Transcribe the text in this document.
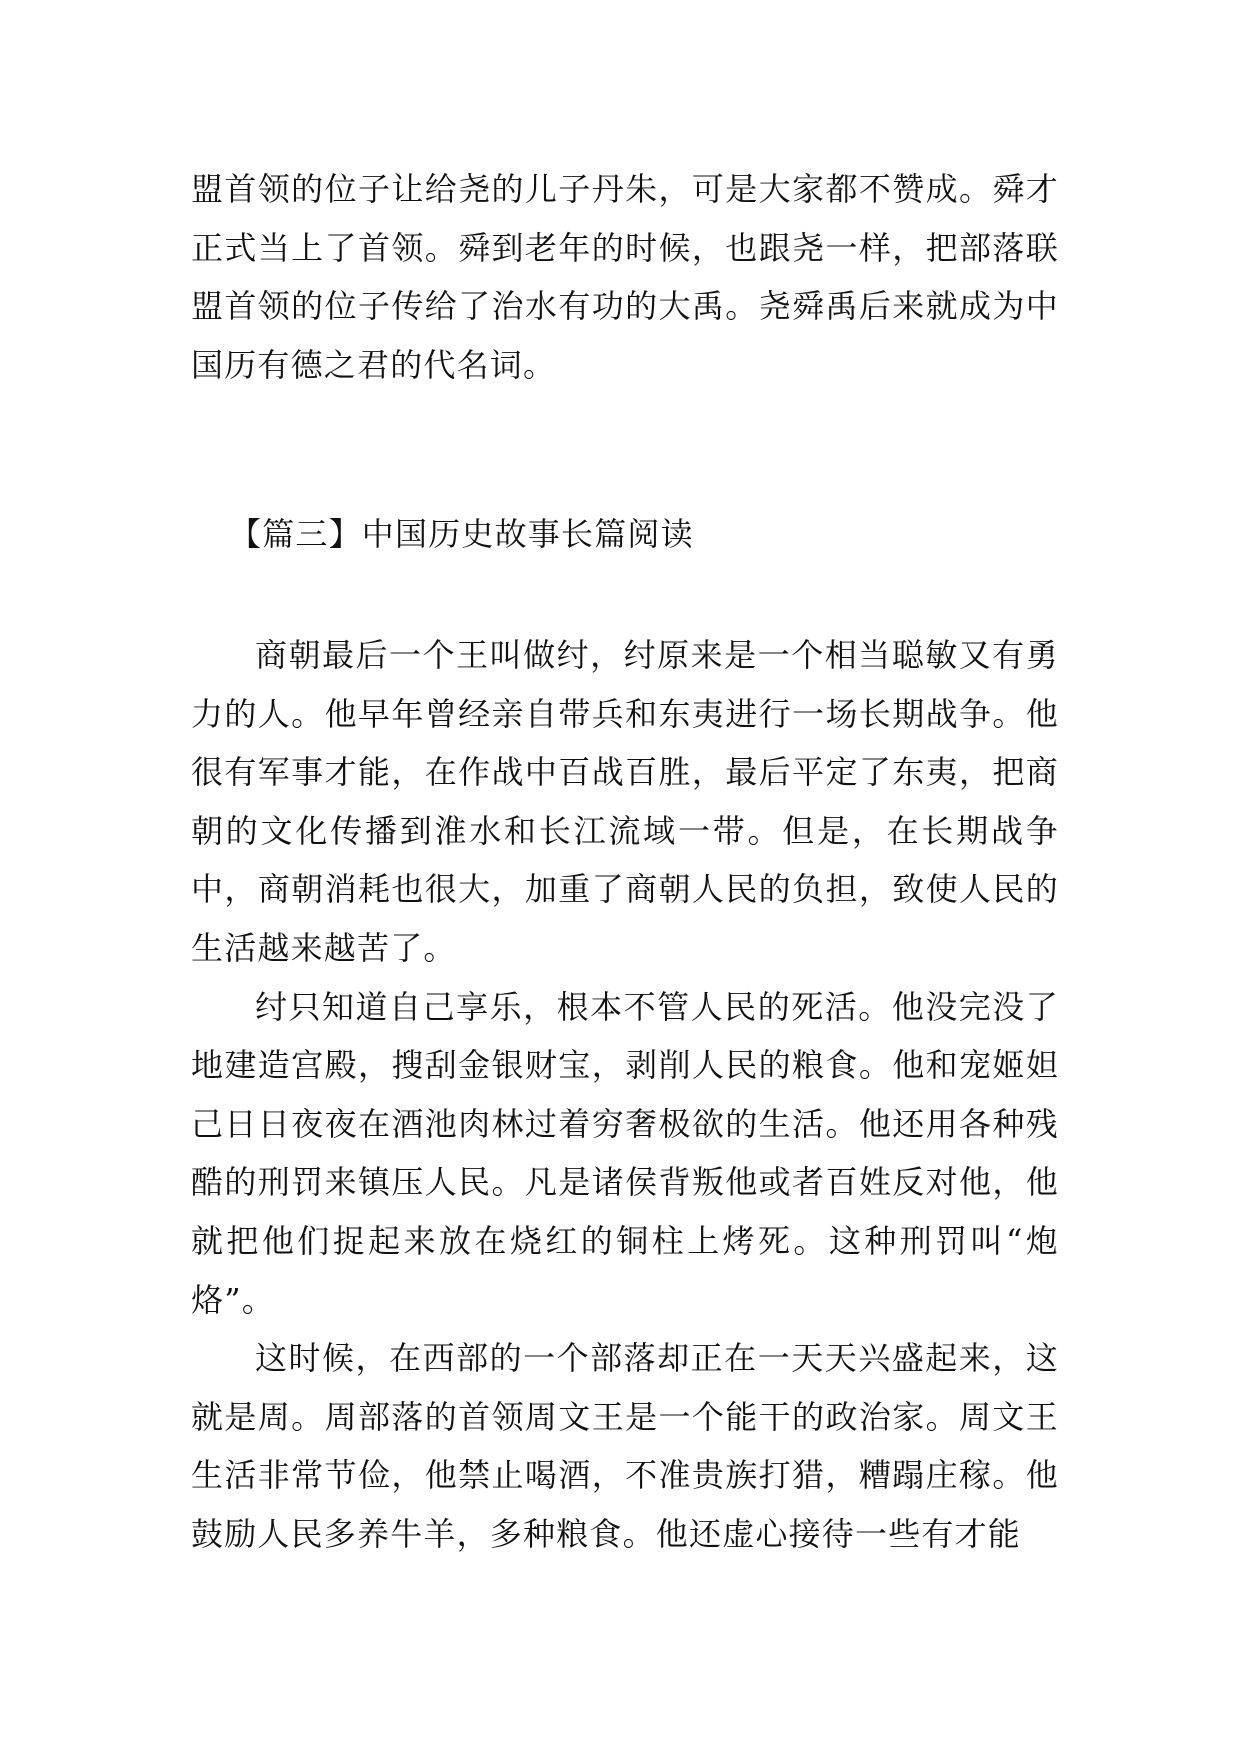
盟首领的位子让给尧的儿子丹朱，可是大家都不赞成。舜才正式当上了首领。舜到老年的时候，也跟尧一样，把部落联盟首领的位子传给了治水有功的大禹。尧舜禹后来就成为中国历有德之君的代名词。

【篇三】中国历史故事长篇阅读

商朝最后一个王叫做纣，纣原来是一个相当聪敏又有勇力的人。他早年曾经亲自带兵和东夷进行一场长期战争。他很有军事才能，在作战中百战百胜，最后平定了东夷，把商朝的文化传播到淮水和长江流域一带。但是，在长期战争中，商朝消耗也很大，加重了商朝人民的负担，致使人民的生活越来越苦了。

纣只知道自己享乐，根本不管人民的死活。他没完没了地建造宫殿，搜刮金银财宝，剥削人民的粮食。他和宠姬妲己日日夜夜在酒池肉林过着穷奢极欲的生活。他还用各种残酷的刑罚来镇压人民。凡是诸侯背叛他或者百姓反对他，他就把他们捉起来放在烧红的铜柱上烤死。这种刑罚叫“炮烙”。

这时候，在西部的一个部落却正在一天天兴盛起来，这就是周。周部落的首领周文王是一个能干的政治家。周文王生活非常节俭，他禁止喝酒，不准贵族打猎，糟蹋庄稼。他鼓励人民多养牛羊，多种粮食。他还虚心接待一些有才能
